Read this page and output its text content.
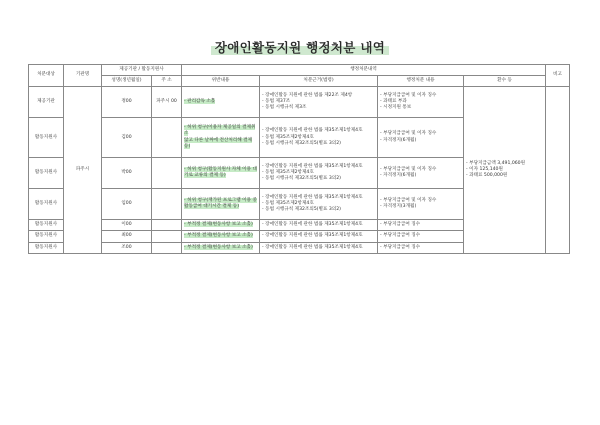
장애인활동지원 행정처분 내역
처분대상	기관명	제공기관 / 활동지원사		행정처분내역				비고
		성명(생년월일)	주 소	위반내용	처분근거(법령)	행정처분 내용	환수 등	
제공기관	파주시	정00	파주시 00	- 관리감독 소홀	- 장애인활동 지원에 관한 법률 제22조 제4항
- 동법 제37조
- 동법 시행규칙 제3조	- 부당지급급여 및 이자 징수
- 과태료 부과
- 시정지원 통보	- 부당지급금액 3,491,060원
- 이자 125,140원
- 과태료 500,000원	

활동지원사		김00		- 허위 청구(이용자 제공일의 결제취소
않고 다른 날짜에 전산처리해 결제 등)	- 장애인활동 지원에 관한 법률 제35조제1항제4호
- 동법 제35조제2항제4호
- 동법 시행규칙 제32조의5(별표 3의2)	- 부당지급급여 및 이자 징수
- 자격정지(6개월)		

활동지원사		박00		- 허위 청구(활동지원사 자체 이용 대
기로 교류의 결제 등)	- 장애인활동 지원에 관한 법률 제35조제1항제4호
- 동법 제35조제2항제4호
- 동법 시행규칙 제32조의5(별표 3의2)	- 부당지급급여 및 이자 징수
- 자격정지(6개월)		

활동지원사		임00		- 허위 청구(재가된 프로그램 이용 중
활동급여 대기시간 결제 등)	- 장애인활동 지원에 관한 법률 제35조제1항제4호
- 동법 제35조제2항제4호
- 동법 시행규칙 제32조의5(별표 3의2)	- 부당지급급여 및 이자 징수
- 자격정지(3개월)		

활동지원사		이00		- 부적정 결제(변동사항 보고 소홀)	- 장애인활동 지원에 관한 법률 제35조제1항제4호	- 부당지급급여 징수		

활동지원사		최00		- 부적정 결제(변동사항 보고 소홀)	- 장애인활동 지원에 관한 법률 제35조제1항제4호	- 부당지급급여 징수		

활동지원사		조00		- 부적정 결제(변동사항 보고 소홀)	- 장애인활동 지원에 관한 법률 제35조제1항제4호	- 부당지급급여 징수		
